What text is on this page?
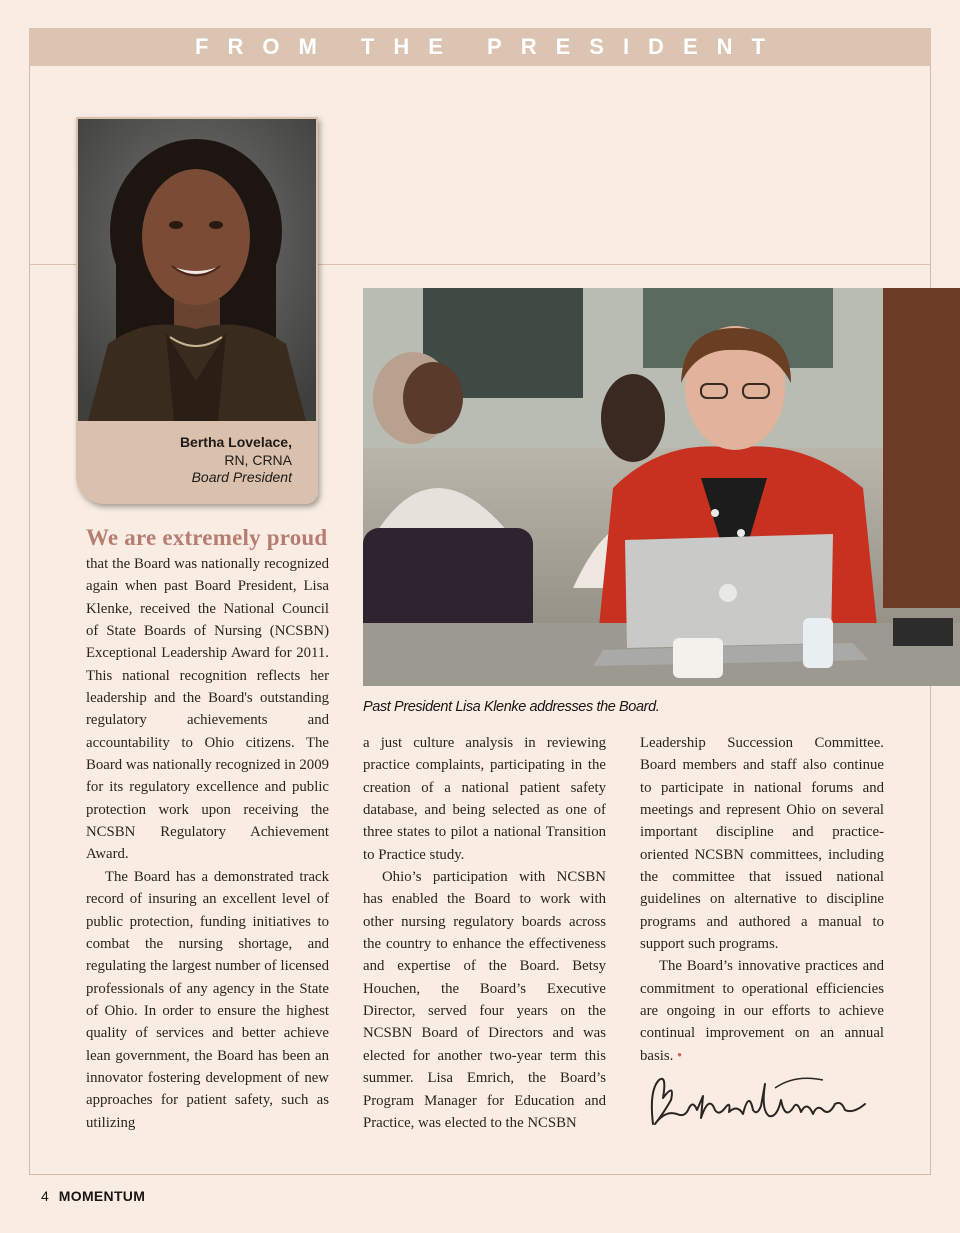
FROM THE PRESIDENT
Bertha Lovelace,
RN, CRNA
Board President
Past President Lisa Klenke addresses the Board.
We are extremely proud

that the Board was nationally recognized again when past Board President, Lisa Klenke, received the National Council of State Boards of Nursing (NCSBN) Exceptional Leadership Award for 2011. This national recognition reflects her leadership and the Board's outstanding regulatory achievements and accountability to Ohio citizens. The Board was nationally recognized in 2009 for its regulatory excellence and public protection work upon receiving the NCSBN Regulatory Achievement Award.

The Board has a demonstrated track record of insuring an excellent level of public protection, funding initiatives to combat the nursing shortage, and regulating the largest number of licensed professionals of any agency in the State of Ohio. In order to ensure the highest quality of services and better achieve lean government, the Board has been an innovator fostering development of new approaches for patient safety, such as utilizing

a just culture analysis in reviewing practice complaints, participating in the creation of a national patient safety database, and being selected as one of three states to pilot a national Transition to Practice study.

Ohio’s participation with NCSBN has enabled the Board to work with other nursing regulatory boards across the country to enhance the effectiveness and expertise of the Board. Betsy Houchen, the Board’s Executive Director, served four years on the NCSBN Board of Directors and was elected for another two-year term this summer. Lisa Emrich, the Board’s Program Manager for Education and Practice, was elected to the NCSBN

Leadership Succession Committee. Board members and staff also continue to participate in national forums and meetings and represent Ohio on several important discipline and practice-oriented NCSBN committees, including the committee that issued national guidelines on alternative to discipline programs and authored a manual to support such programs.

The Board’s innovative practices and commitment to operational efficiencies are ongoing in our efforts to achieve continual improvement on an annual basis. •

4 MOMENTUM
